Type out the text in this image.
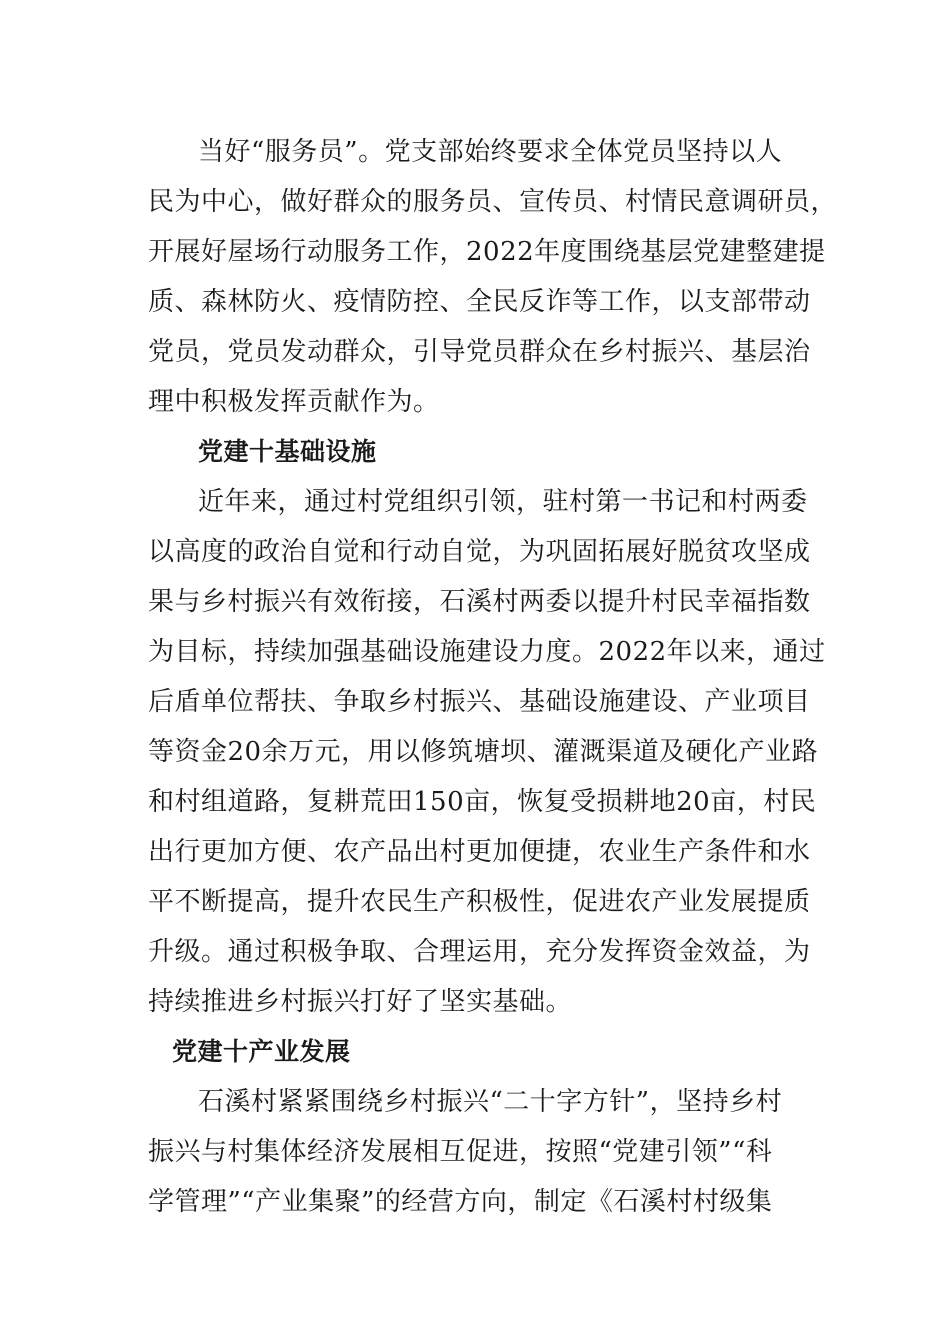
当好“服务员”。党支部始终要求全体党员坚持以人
民为中心，做好群众的服务员、宣传员、村情民意调研员，
开展好屋场行动服务工作，2022年度围绕基层党建整建提
质、森林防火、疫情防控、全民反诈等工作，以支部带动
党员，党员发动群众，引导党员群众在乡村振兴、基层治
理中积极发挥贡献作为。
党建十基础设施
近年来，通过村党组织引领，驻村第一书记和村两委
以高度的政治自觉和行动自觉，为巩固拓展好脱贫攻坚成
果与乡村振兴有效衔接，石溪村两委以提升村民幸福指数
为目标，持续加强基础设施建设力度。2022年以来，通过
后盾单位帮扶、争取乡村振兴、基础设施建设、产业项目
等资金20余万元，用以修筑塘坝、灌溉渠道及硬化产业路
和村组道路，复耕荒田150亩，恢复受损耕地20亩，村民
出行更加方便、农产品出村更加便捷，农业生产条件和水
平不断提高，提升农民生产积极性，促进农产业发展提质
升级。通过积极争取、合理运用，充分发挥资金效益，为
持续推进乡村振兴打好了坚实基础。
党建十产业发展
石溪村紧紧围绕乡村振兴“二十字方针”，坚持乡村
振兴与村集体经济发展相互促进，按照“党建引领”“科
学管理”“产业集聚”的经营方向，制定《石溪村村级集
